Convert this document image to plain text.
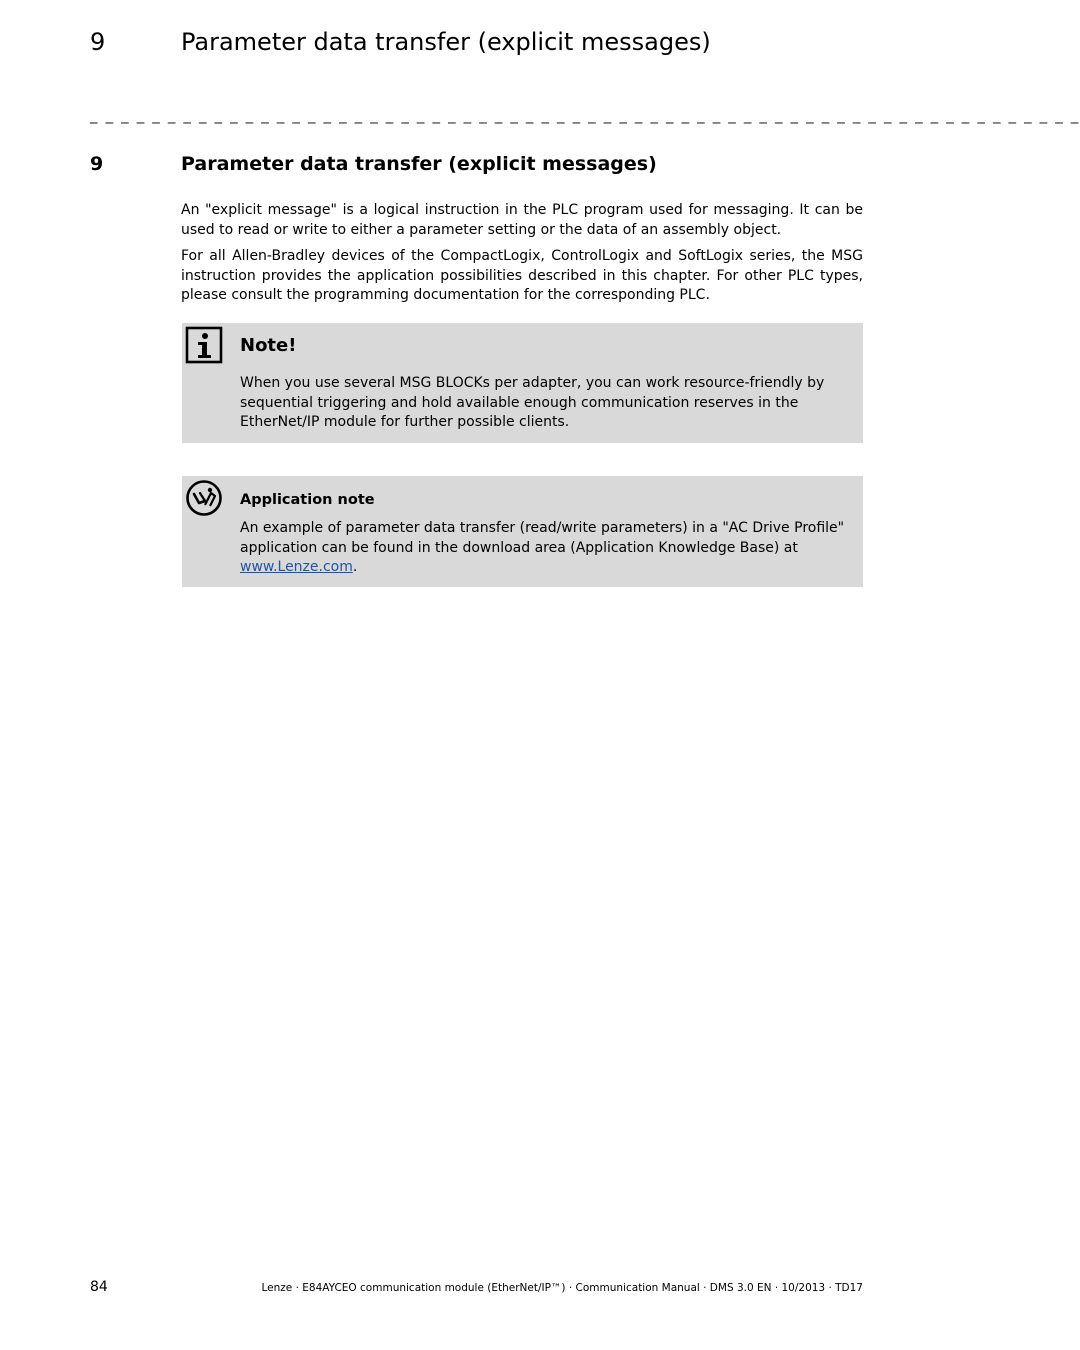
9	Parameter data transfer (explicit messages)
_ _ _ _ _ _ _ _ _ _ _ _ _ _ _ _ _ _ _ _ _ _ _ _ _ _ _ _ _ _ _ _ _ _ _ _ _ _ _ _ _ _ _ _ _ _ _ _ _ _ _ _ _ _ _ _ _ _ _ _ _ _ _ _
9	Parameter data transfer (explicit messages)

An "explicit message" is a logical instruction in the PLC program used for messaging. It can be used to read or write to either a parameter setting or the data of an assembly object.

For all Allen-Bradley devices of the CompactLogix, ControlLogix and SoftLogix series, the MSG instruction provides the application possibilities described in this chapter. For other PLC types, please consult the programming documentation for the corresponding PLC.

Note!
When you use several MSG BLOCKs per adapter, you can work resource-friendly by sequential triggering and hold available enough communication reserves in the EtherNet/IP module for further possible clients.
Application note
An example of parameter data transfer (read/write parameters) in a "AC Drive Profile" application can be found in the download area (Application Knowledge Base) at www.Lenze.com.
84	Lenze · E84AYCEO communication module (EtherNet/IP™) · Communication Manual · DMS 3.0 EN · 10/2013 · TD17
